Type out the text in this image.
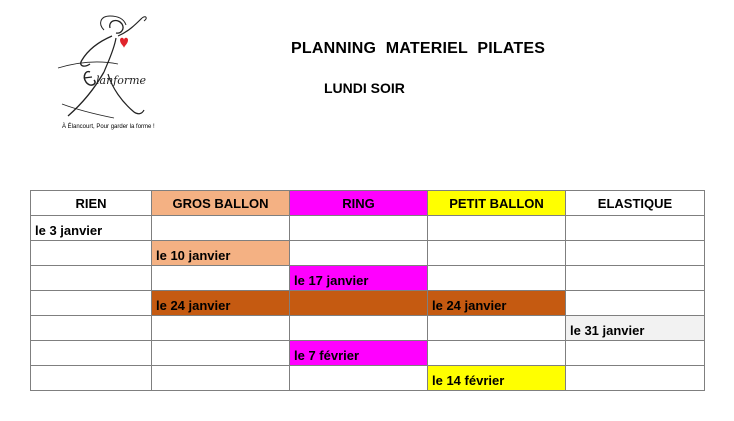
lanforme
À Élancourt, Pour garder la forme !
PLANNING MATERIEL PILATES
LUNDI SOIR
RIEN	GROS BALLON	RING	PETIT BALLON	ELASTIQUE
le 3 janvier				
	le 10 janvier			
		le 17 janvier		
	le 24 janvier		le 24 janvier	
				le 31 janvier
		le 7 février		
			le 14 février	
